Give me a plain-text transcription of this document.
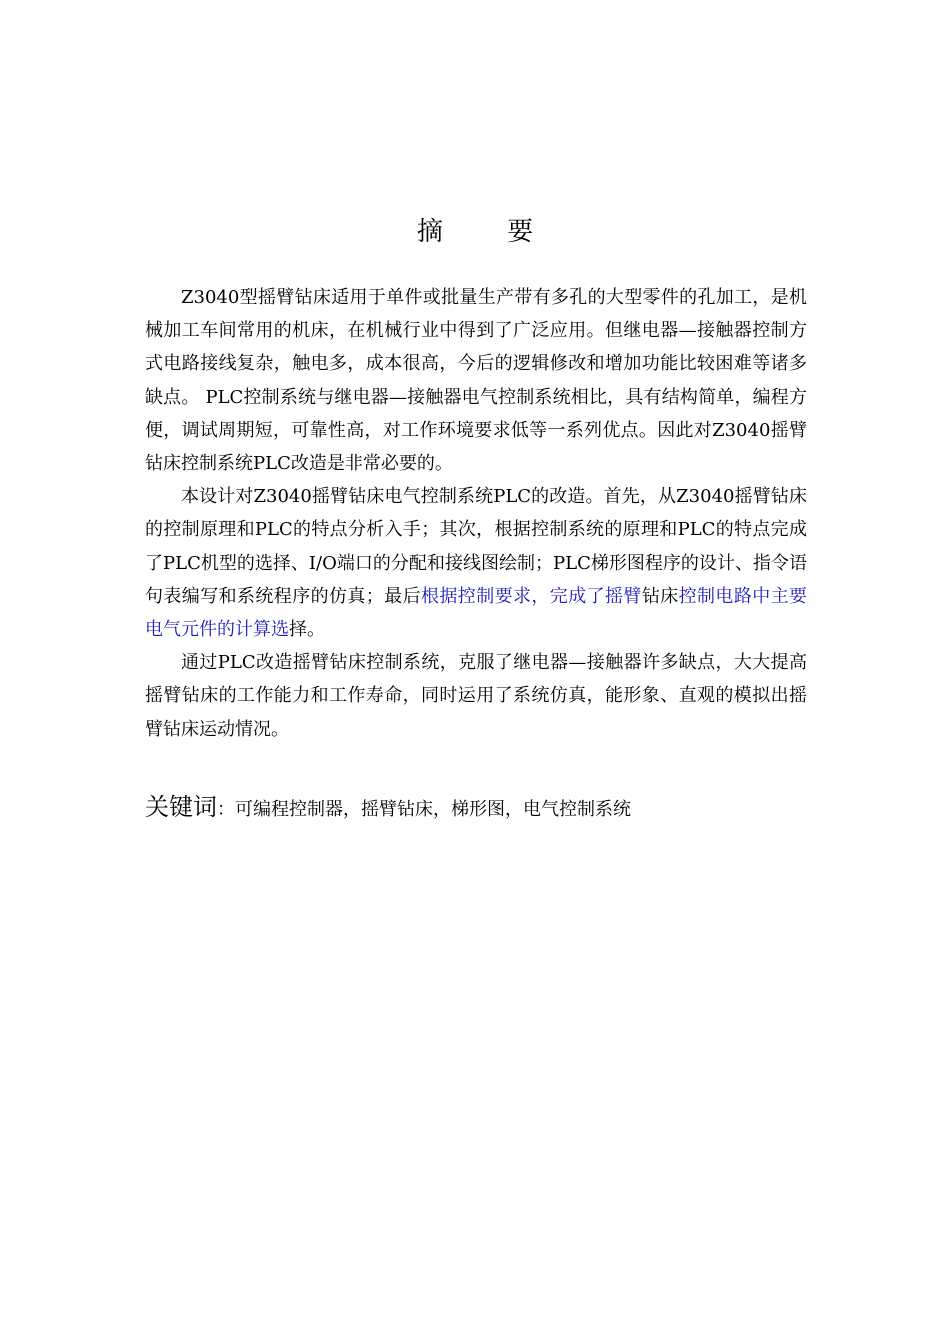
摘 要

Z3040型摇臂钻床适用于单件或批量生产带有多孔的大型零件的孔加工，是机械加工车间常用的机床，在机械行业中得到了广泛应用。但继电器—接触器控制方式电路接线复杂，触电多，成本很高，今后的逻辑修改和增加功能比较困难等诸多缺点。 PLC控制系统与继电器—接触器电气控制系统相比，具有结构简单，编程方便，调试周期短，可靠性高，对工作环境要求低等一系列优点。因此对Z3040摇臂钻床控制系统PLC改造是非常必要的。

本设计对Z3040摇臂钻床电气控制系统PLC的改造。首先，从Z3040摇臂钻床的控制原理和PLC的特点分析入手；其次，根据控制系统的原理和PLC的特点完成了PLC机型的选择、I/O端口的分配和接线图绘制；PLC梯形图程序的设计、指令语句表编写和系统程序的仿真；最后根据控制要求，完成了摇臂钻床控制电路中主要电气元件的计算选择。

通过PLC改造摇臂钻床控制系统，克服了继电器—接触器许多缺点，大大提高摇臂钻床的工作能力和工作寿命，同时运用了系统仿真，能形象、直观的模拟出摇臂钻床运动情况。

关键词：可编程控制器，摇臂钻床，梯形图，电气控制系统
